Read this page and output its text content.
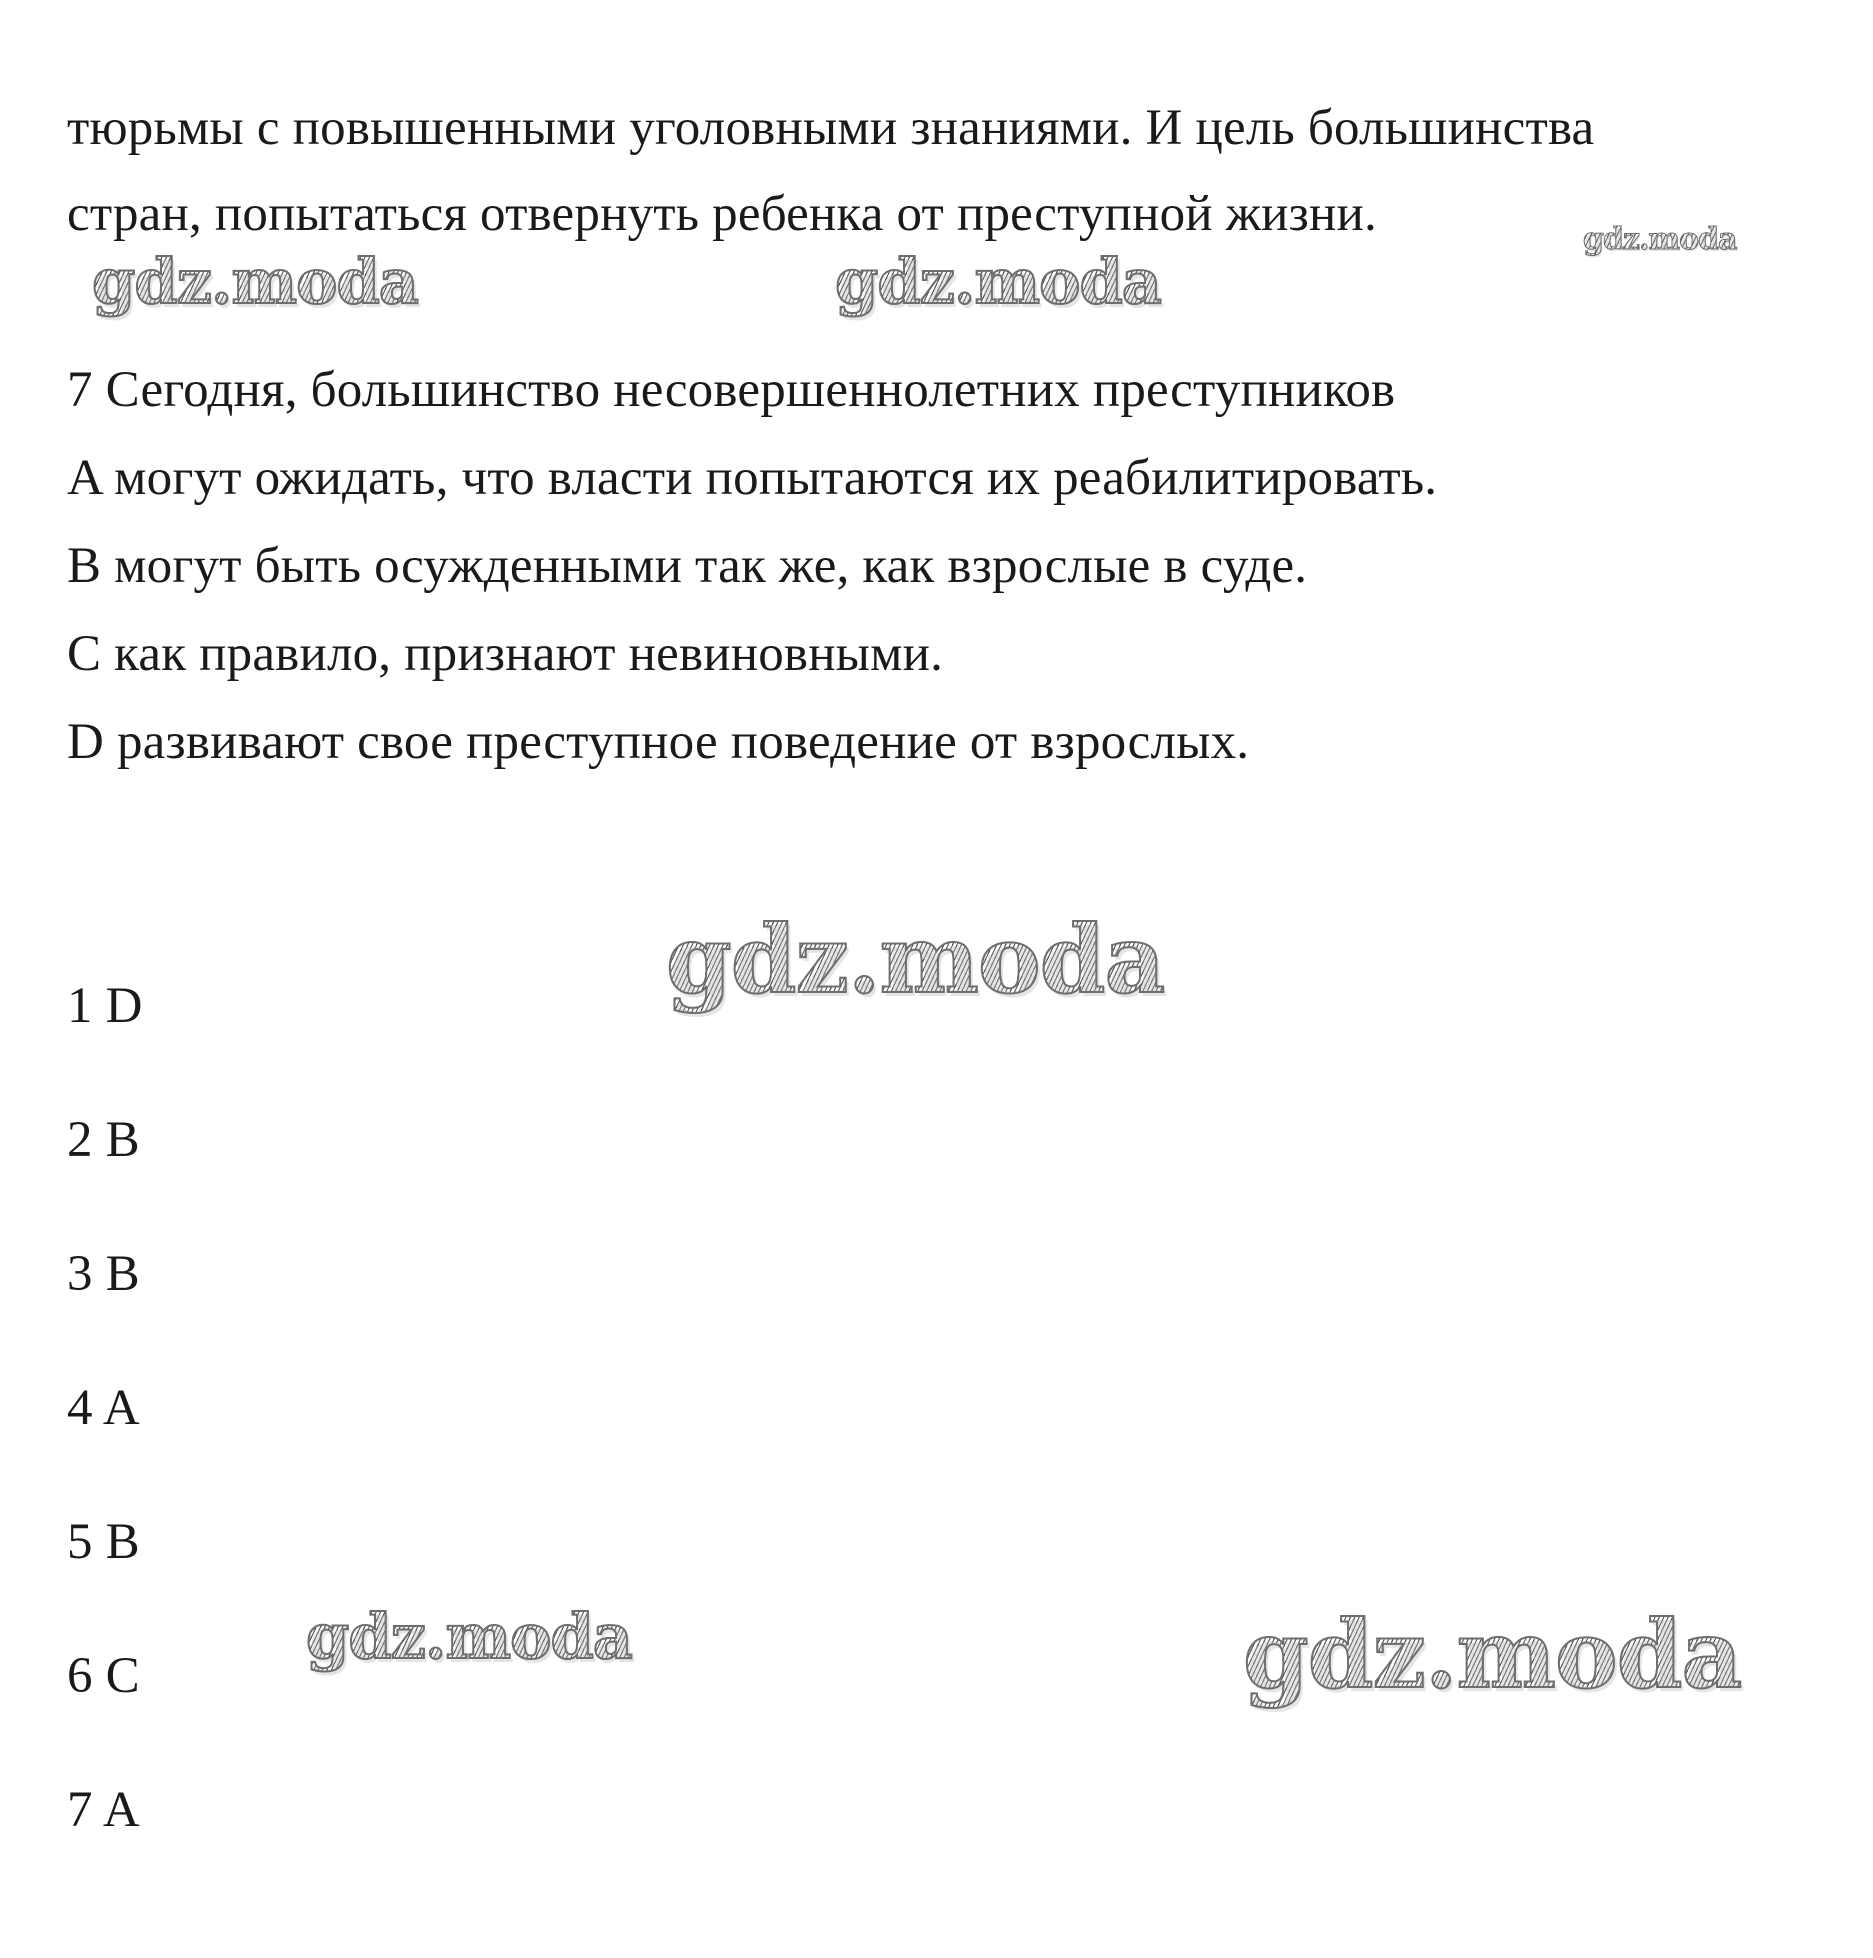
тюрьмы с повышенными уголовными знаниями. И цель большинства
стран, попытаться отвернуть ребенка от преступной жизни.
7 Сегодня, большинство несовершеннолетних преступников
A могут ожидать, что власти попытаются их реабилитировать.
B могут быть осужденными так же, как взрослые в суде.
C как правило, признают невиновными.
D развивают свое преступное поведение от взрослых.
1 D
2 B
3 B
4 A
5 B
6 C
7 A
gdz.moda
gdz.moda	gdz.moda
gdz.moda
gdz.moda	gdz.moda
